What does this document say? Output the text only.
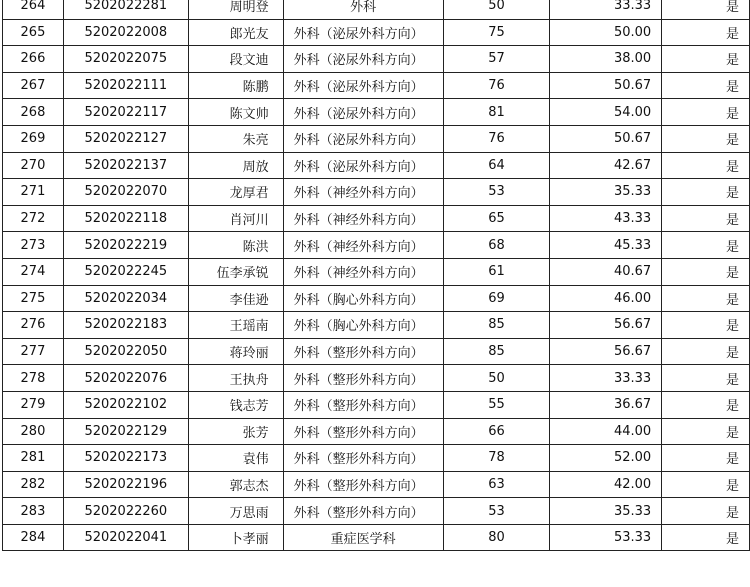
264	5202022281	周明登	外科	50	33.33	是
265	5202022008	郎光友	外科（泌尿外科方向）	75	50.00	是
266	5202022075	段文迪	外科（泌尿外科方向）	57	38.00	是
267	5202022111	陈鹏	外科（泌尿外科方向）	76	50.67	是
268	5202022117	陈文帅	外科（泌尿外科方向）	81	54.00	是
269	5202022127	朱亮	外科（泌尿外科方向）	76	50.67	是
270	5202022137	周放	外科（泌尿外科方向）	64	42.67	是
271	5202022070	龙厚君	外科（神经外科方向）	53	35.33	是
272	5202022118	肖河川	外科（神经外科方向）	65	43.33	是
273	5202022219	陈洪	外科（神经外科方向）	68	45.33	是
274	5202022245	伍李承锐	外科（神经外科方向）	61	40.67	是
275	5202022034	李佳逊	外科（胸心外科方向）	69	46.00	是
276	5202022183	王瑶南	外科（胸心外科方向）	85	56.67	是
277	5202022050	蒋玲丽	外科（整形外科方向）	85	56.67	是
278	5202022076	王执舟	外科（整形外科方向）	50	33.33	是
279	5202022102	钱志芳	外科（整形外科方向）	55	36.67	是
280	5202022129	张芳	外科（整形外科方向）	66	44.00	是
281	5202022173	袁伟	外科（整形外科方向）	78	52.00	是
282	5202022196	郭志杰	外科（整形外科方向）	63	42.00	是
283	5202022260	万思雨	外科（整形外科方向）	53	35.33	是
284	5202022041	卜孝丽	重症医学科	80	53.33	是
